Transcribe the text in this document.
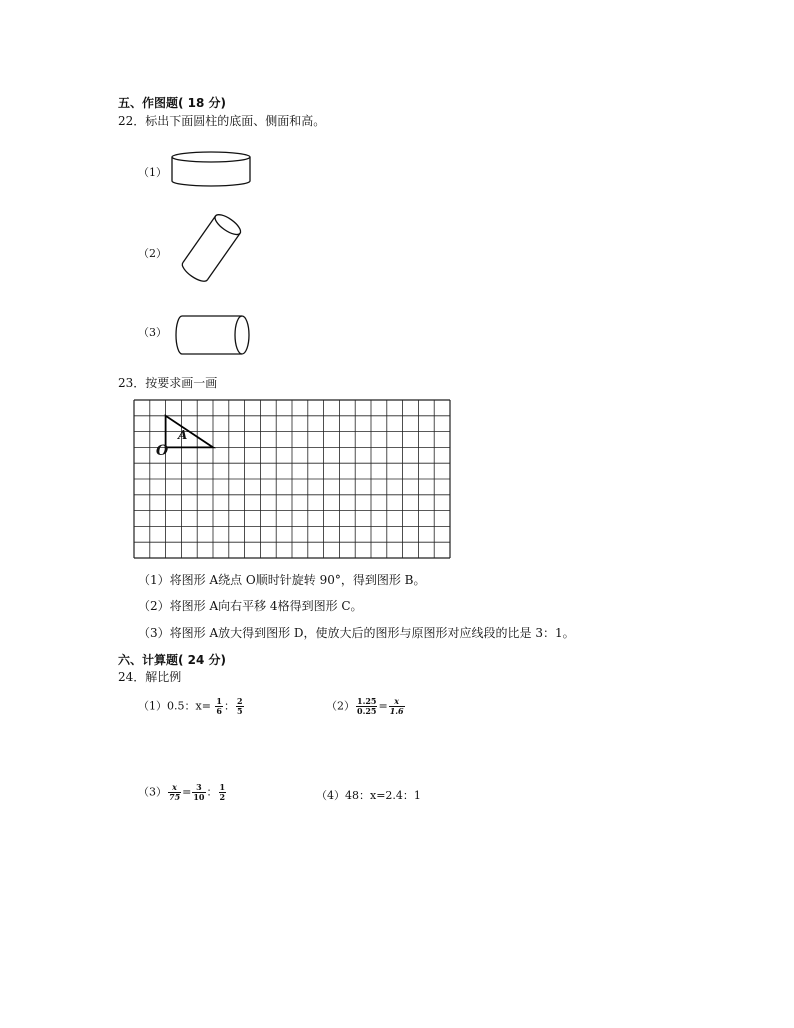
五、作图题( 18 分)
22．标出下面圆柱的底面、侧面和高。
（1）
（2）
（3）
23．按要求画一画
A
O
（1）将图形 A绕点 O顺时针旋转 90°，得到图形 B。
（2）将图形 A向右平移 4格得到图形 C。
（3）将图形 A放大得到图形 D，使放大后的图形与原图形对应线段的比是 3：1。
六、计算题( 24 分)
24．解比例
（1）0.5：$x= \frac{1}{6}$ ： $\frac{2}{5}$	$(2) \frac{1.25}{0.25} = \frac{x}{1.6}$
$(3) \frac{x}{75} = \frac{3}{10}$ ： $\frac{1}{2}$	（4）48：x=2.4：1
